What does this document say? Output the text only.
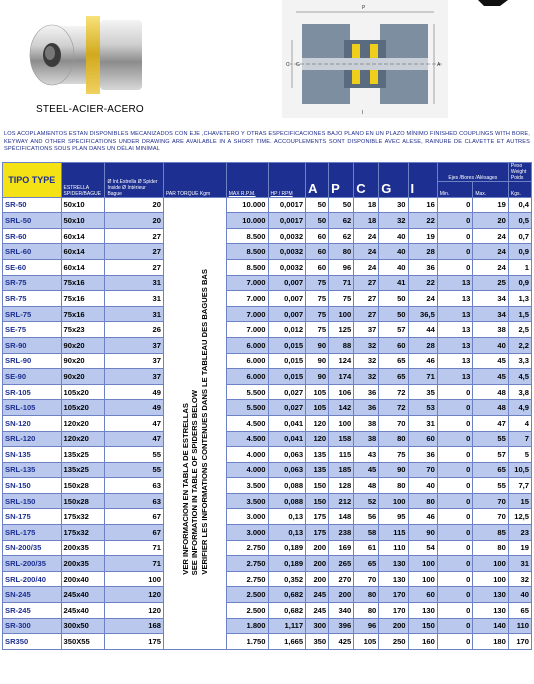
STEEL-ACIER-ACERO
P
C G	A
I
LOS ACOPLAMIENTOS ESTAN DISPONIBLES MECANIZADOS CON EJE ,CHAVETERO Y OTRAS ESPECIFICACIONES BAJO PLANO EN UN PLAZO MÍNIMO FINISHED COUPLINGS WITH BORE, KEYWAY AND OTHER SPECIFICATIONS UNDER DRAWING ARE AVAILABLE IN A SHORT TIME. ACCOUPLEMENTS SONT DISPONIBLE AVEC ALESE, RAINURE DE CLAVETTE ET AUTRES SPÉCIFICATIONS SOUS PLAN DANS UN DÉLAI MINIMAL
TIPO TYPE	ESTRELLA SPIDER/BAGUE	Ø Int.Estrella Ø Spider Inside Ø Intérieur Bague	PAR TORQUE Kgm	MAX R.P.M.	HP / RPM	A	P	C	G	I	Ejes /Bores /Alésages		Peso Weight Poids
											Min.	Max.	Kgs.
SR-50	50x10	20	VER INFORMACION EN TABLA DE ESTRELLASSEE INFORMATION IN TABLE OF SPIDERS BELOWVERIFIER LES INFORMATIONS CONTENUES DANS LE TABLEAU DES BAGUES BAS	10.000	0,0017	50	50	18	30	16	0	19	0,4
SRL-50	50x10	20		10.000	0,0017	50	62	18	32	22	0	20	0,5
SR-60	60x14	27		8.500	0,0032	60	62	24	40	19	0	24	0,7
SRL-60	60x14	27		8.500	0,0032	60	80	24	40	28	0	24	0,9
SE-60	60x14	27		8.500	0,0032	60	96	24	40	36	0	24	1
SR-75	75x16	31		7.000	0,007	75	71	27	41	22	13	25	0,9
SR-75	75x16	31		7.000	0,007	75	75	27	50	24	13	34	1,3
SRL-75	75x16	31		7.000	0,007	75	100	27	50	36,5	13	34	1,5
SE-75	75x23	26		7.000	0,012	75	125	37	57	44	13	38	2,5
SR-90	90x20	37		6.000	0,015	90	88	32	60	28	13	40	2,2
SRL-90	90x20	37		6.000	0,015	90	124	32	65	46	13	45	3,3
SE-90	90x20	37		6.000	0,015	90	174	32	65	71	13	45	4,5
SR-105	105x20	49		5.500	0,027	105	106	36	72	35	0	48	3,8
SRL-105	105x20	49		5.500	0,027	105	142	36	72	53	0	48	4,9
SN-120	120x20	47		4.500	0,041	120	100	38	70	31	0	47	4
SRL-120	120x20	47		4.500	0,041	120	158	38	80	60	0	55	7
SN-135	135x25	55		4.000	0,063	135	115	43	75	36	0	57	5
SRL-135	135x25	55		4.000	0,063	135	185	45	90	70	0	65	10,5
SN-150	150x28	63		3.500	0,088	150	128	48	80	40	0	55	7,7
SRL-150	150x28	63		3.500	0,088	150	212	52	100	80	0	70	15
SN-175	175x32	67		3.000	0,13	175	148	56	95	46	0	70	12,5
SRL-175	175x32	67		3.000	0,13	175	238	58	115	90	0	85	23
SN-200/35	200x35	71		2.750	0,189	200	169	61	110	54	0	80	19
SRL-200/35	200x35	71		2.750	0,189	200	265	65	130	100	0	100	31
SRL-200/40	200x40	100		2.750	0,352	200	270	70	130	100	0	100	32
SN-245	245x40	120		2.500	0,682	245	200	80	170	60	0	130	40
SR-245	245x40	120		2.500	0,682	245	340	80	170	130	0	130	65
SR-300	300x50	168		1.800	1,117	300	396	96	200	150	0	140	110
SR350	350X55	175		1.750	1,665	350	425	105	250	160	0	180	170
